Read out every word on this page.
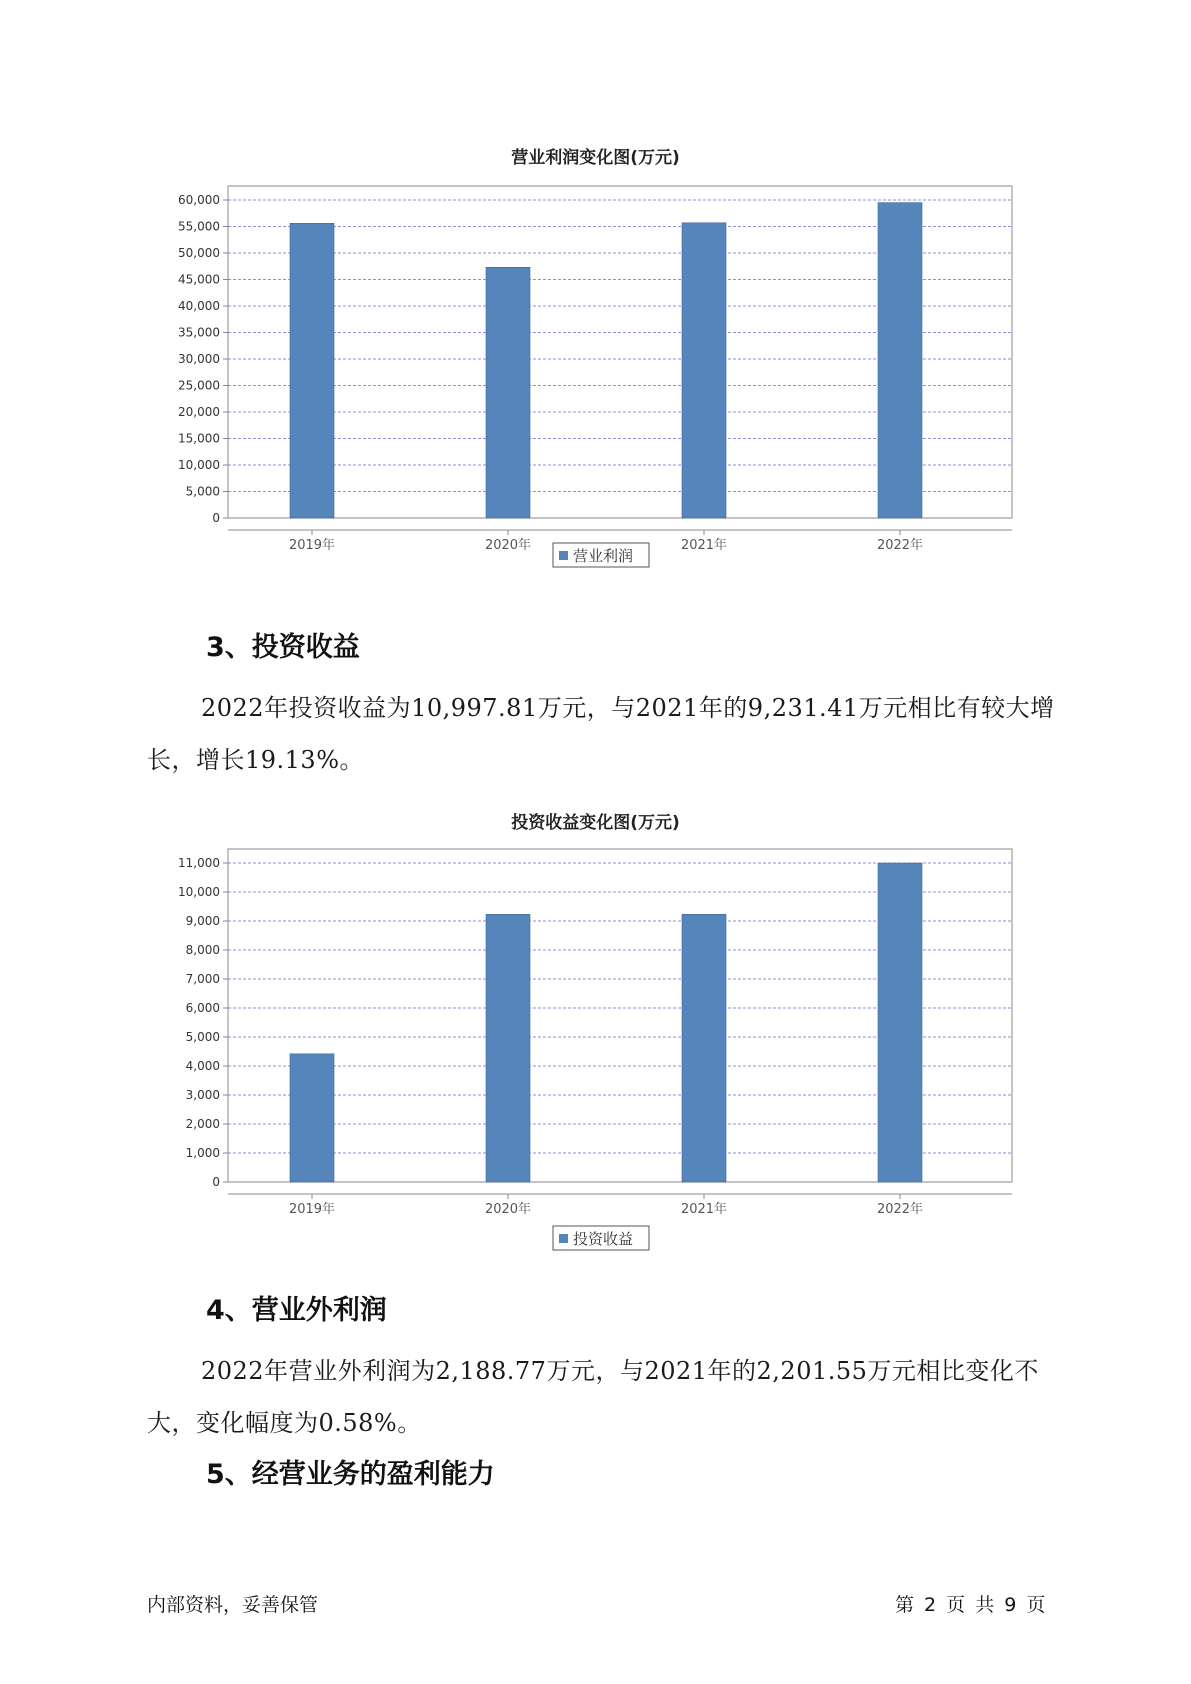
营业利润变化图(万元)
0
5,000
10,000
15,000
20,000
25,000
30,000
35,000
40,000
45,000
50,000
55,000
60,000
2019年	2020年	2021年	2022年
营业利润
3、投资收益

2022年投资收益为10,997.81万元，与2021年的9,231.41万元相比有较大增长，增长19.13%。

投资收益变化图(万元)
0
1,000
2,000
3,000
4,000
5,000
6,000
7,000
8,000
9,000
10,000
11,000
2019年	2020年	2021年	2022年
投资收益
4、营业外利润

2022年营业外利润为2,188.77万元，与2021年的2,201.55万元相比变化不大，变化幅度为0.58%。

5、经营业务的盈利能力
内部资料，妥善保管	第 2 页 共 9 页
